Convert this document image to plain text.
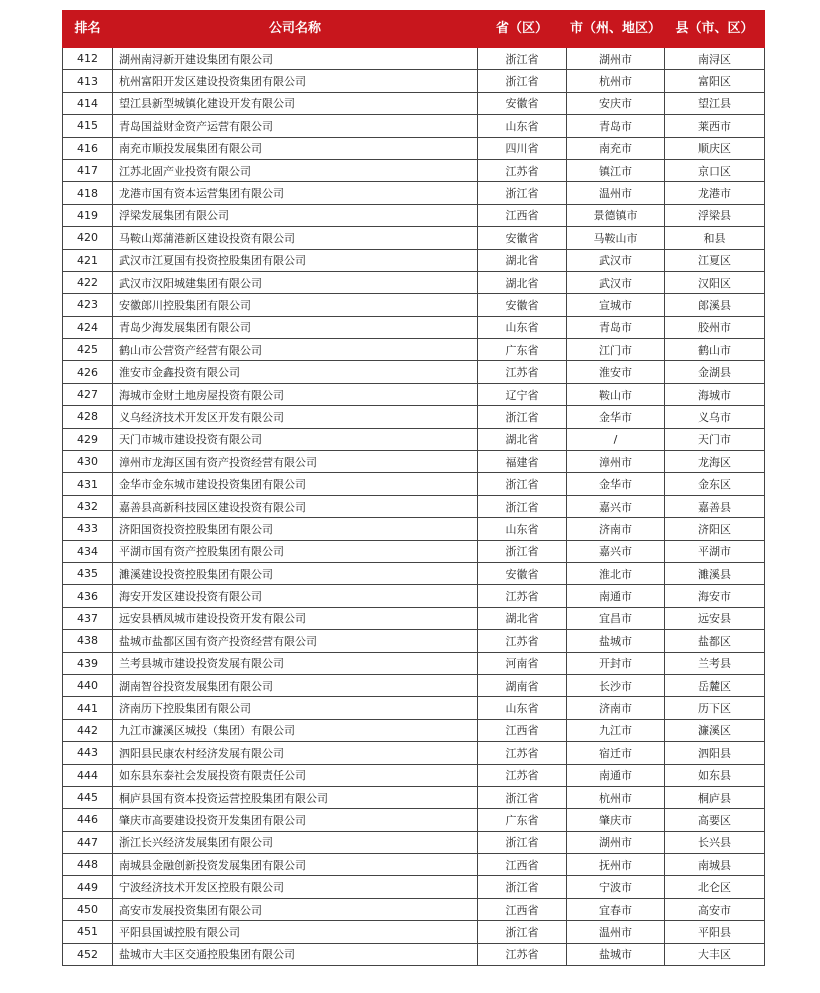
排名	公司名称	省（区）	市（州、地区）	县（市、区）
412	湖州南浔新开建设集团有限公司	浙江省	湖州市	南浔区
413	杭州富阳开发区建设投资集团有限公司	浙江省	杭州市	富阳区
414	望江县新型城镇化建设开发有限公司	安徽省	安庆市	望江县
415	青岛国益财金资产运营有限公司	山东省	青岛市	莱西市
416	南充市顺投发展集团有限公司	四川省	南充市	顺庆区
417	江苏北固产业投资有限公司	江苏省	镇江市	京口区
418	龙港市国有资本运营集团有限公司	浙江省	温州市	龙港市
419	浮梁发展集团有限公司	江西省	景德镇市	浮梁县
420	马鞍山郑蒲港新区建设投资有限公司	安徽省	马鞍山市	和县
421	武汉市江夏国有投资控股集团有限公司	湖北省	武汉市	江夏区
422	武汉市汉阳城建集团有限公司	湖北省	武汉市	汉阳区
423	安徽郎川控股集团有限公司	安徽省	宣城市	郎溪县
424	青岛少海发展集团有限公司	山东省	青岛市	胶州市
425	鹤山市公营资产经营有限公司	广东省	江门市	鹤山市
426	淮安市金鑫投资有限公司	江苏省	淮安市	金湖县
427	海城市金财土地房屋投资有限公司	辽宁省	鞍山市	海城市
428	义乌经济技术开发区开发有限公司	浙江省	金华市	义乌市
429	天门市城市建设投资有限公司	湖北省	/	天门市
430	漳州市龙海区国有资产投资经营有限公司	福建省	漳州市	龙海区
431	金华市金东城市建设投资集团有限公司	浙江省	金华市	金东区
432	嘉善县高新科技园区建设投资有限公司	浙江省	嘉兴市	嘉善县
433	济阳国资投资控股集团有限公司	山东省	济南市	济阳区
434	平湖市国有资产控股集团有限公司	浙江省	嘉兴市	平湖市
435	濉溪建设投资控股集团有限公司	安徽省	淮北市	濉溪县
436	海安开发区建设投资有限公司	江苏省	南通市	海安市
437	远安县栖凤城市建设投资开发有限公司	湖北省	宜昌市	远安县
438	盐城市盐都区国有资产投资经营有限公司	江苏省	盐城市	盐都区
439	兰考县城市建设投资发展有限公司	河南省	开封市	兰考县
440	湖南智谷投资发展集团有限公司	湖南省	长沙市	岳麓区
441	济南历下控股集团有限公司	山东省	济南市	历下区
442	九江市濂溪区城投（集团）有限公司	江西省	九江市	濂溪区
443	泗阳县民康农村经济发展有限公司	江苏省	宿迁市	泗阳县
444	如东县东泰社会发展投资有限责任公司	江苏省	南通市	如东县
445	桐庐县国有资本投资运营控股集团有限公司	浙江省	杭州市	桐庐县
446	肇庆市高要建设投资开发集团有限公司	广东省	肇庆市	高要区
447	浙江长兴经济发展集团有限公司	浙江省	湖州市	长兴县
448	南城县金融创新投资发展集团有限公司	江西省	抚州市	南城县
449	宁波经济技术开发区控股有限公司	浙江省	宁波市	北仑区
450	高安市发展投资集团有限公司	江西省	宜春市	高安市
451	平阳县国诚控股有限公司	浙江省	温州市	平阳县
452	盐城市大丰区交通控股集团有限公司	江苏省	盐城市	大丰区
